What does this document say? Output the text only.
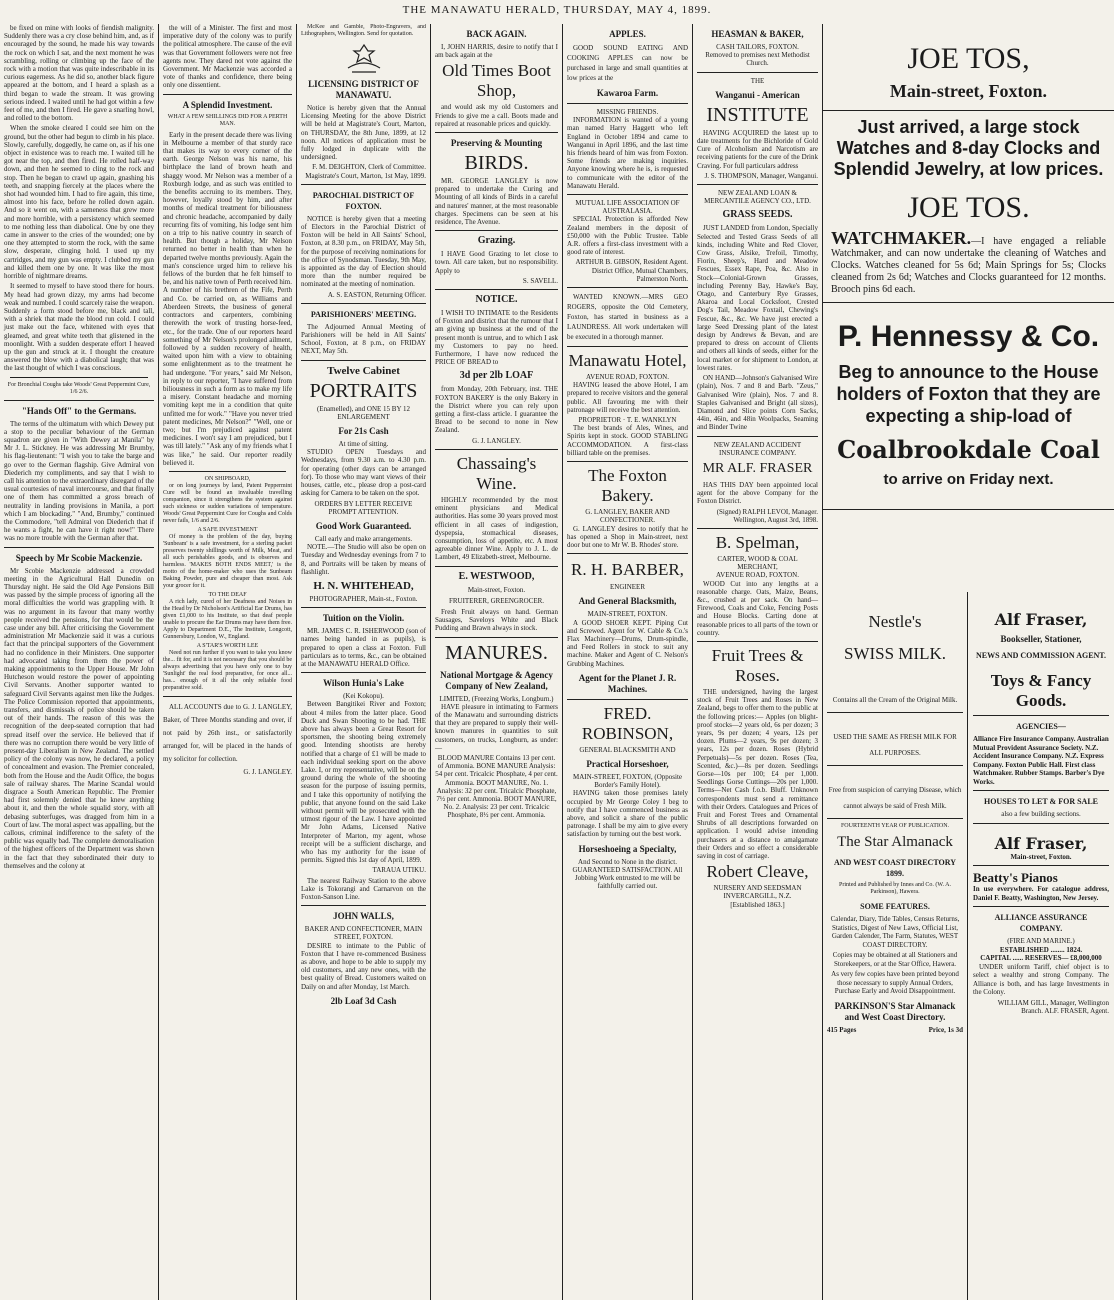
THE MANAWATU HERALD, THURSDAY, MAY 4, 1899.

be fixed on mine with looks of fiendish malignity. Suddenly there was a cry close behind him, and, as if encouraged by the sound, he made his way towards the rock on which I sat, and the next moment he was scrambling, rolling or climbing up the face of the rock with a motion that was quite indescribable in its curious eagerness. As he did so, another black figure appeared at the bottom, and I heard a splash as a third began to wade the stream. It was growing serious indeed. I waited until he had got within a few feet of me, and then I fired. He gave a snarling howl, and rolled to the bottom.

When the smoke cleared I could see him on the ground, but the other had begun to climb in his place. Slowly, carefully, doggedly, he came on, as if his one object in existence was to reach me. I waited till he got near the top, and then fired. He rolled half-way down, and then he seemed to cling to the rock and stop. Then he began to crawl up again, gnashing his teeth, and snapping fiercely at the places where the shot had wounded him. I had to fire again, this time, almost into his face, before he rolled down again. And so it went on, with a sameness that grew more and more horrible, with a persistency which seemed to me nothing less than diabolical. One by one they came in answer to the cries of the wounded; one by one they attempted to storm the rock, with the same slow, desperate, clinging hold. I used up my cartridges, and my gun was empty. I clubbed my gun and killed them one by one. It was like the most horrible of nightmare dreams.

It seemed to myself to have stood there for hours. My head had grown dizzy, my arms had become weak and numbed. I could scarcely raise the weapon. Suddenly a form stood before me, black and tall, with a shriek that made the blood run cold. I could just make out the face, whitened with eyes that gleamed, and great white teeth that glistened in the moonlight. With a sudden desperate effort I heaved up the gun and struck at it. I thought the creature answered the blow with a diabolical laugh; that was the last thought of which I was conscious.

For Bronchial Coughs take Woods' Great Peppermint Cure, 1/6 2/6.

"Hands Off" to the Germans.

The terms of the ultimatum with which Dewey put a stop to the peculiar behaviour of the German squadron are given in "With Dewey at Manila" by Mr J. L. Stickney. He was addressing Mr Brumby, his flag-lieutenant: "I wish you to take the barge and go over to the German flagship. Give Admiral von Diederich my compliments, and say that I wish to call his attention to the extraordinary disregard of the usual courtesies of naval intercourse, and that finally one of them has committed a gross breach of neutrality in landing provisions in Manila, a port which I am blockading." "And, Brumby," continued the Commodore, "tell Admiral von Diederich that if he wants a fight, he can have it right now!" There was no more trouble with the German after that.

Speech by Mr Scobie Mackenzie.

Mr Scobie Mackenzie addressed a crowded meeting in the Agricultural Hall Dunedin on Thursday night. He said the Old Age Pensions Bill was passed by the simple process of ignoring all the moral difficulties the world was grappling with. It was no argument in its favour that many worthy people received the pensions, for that would be the case under any bill. After criticising the Government administration Mr Mackenzie said it was a curious fact that the principal supporters of the Government had no confidence in their Ministers. One supporter had advocated taking from them the power of making appointments to the Upper House. Mr John Hutcheson would restore the power of appointing Civil Servants. Another supporter wanted to safeguard Civil Servants against men like the Judges. The Police Commission reported that appointments, transfers, and dismissals of police should be taken out of their hands. The reason of this was the recognition of the deep-seated corruption that had spread itself over the service. He believed that if there was no corruption there would be very little of present-day Liberalism in New Zealand. The settled policy of the colony was now, he declared, a policy of concealment and evasion. The Premier concealed, both from the House and the Audit Office, the bogus sale of railway shares. The Marine Scandal would disgrace a South American Republic. The Premier had first solemnly denied that he knew anything about it, and then the whole squalid story, with all debasing subterfuges, was dragged from him in a Court of law. The moral aspect was appalling, but the callous, criminal indifference to the safety of the public was equally bad. The complete demoralisation of the highest officers of the Department was shown in the fact that they subordinated their duty to themselves and the colony at

the will of a Minister. The first and most imperative duty of the colony was to purify the political atmosphere. The cause of the evil was that Government followers were not free agents now. They dared not vote against the Government. Mr Mackenzie was accorded a vote of thanks and confidence, there being only one dissentient.

A Splendid Investment.
WHAT A FEW SHILLINGS DID FOR A PERTH MAN.

Early in the present decade there was living in Melbourne a member of that sturdy race that makes its way to every corner of the earth. George Nelson was his name, his birthplace the land of brown heath and shaggy wood. Mr Nelson was a member of a Roxburgh lodge, and as such was entitled to the benefits accruing to its members. They, however, loyally stood by him, and after months of medical treatment for biliousness and chronic headache, accompanied by daily recurring fits of vomiting, his lodge sent him on a trip to his native country in search of health. But though a holiday, Mr Nelson returned no better in health than when he departed twelve months previously. Again the man's conscience urged him to relieve his fellows of the burden that he felt himself to be, and his native town of Perth received him. A number of his brethren of the Fife, Perth and Co. be carried on, as Williams and Aberdeen Streets, the business of general contractors and carpenters, combining therewith the work of trusting horse-feed, etc., for the trade. One of our reporters heard something of Mr Nelson's prolonged ailment, followed by a sudden recovery of health, waited upon him with a view to obtaining some enlightenment as to the treatment he had undergone. "For years," said Mr Nelson, in reply to our reporter, "I have suffered from biliousness in such a form as to make my life a misery. Constant headache and morning vomiting kept me in a condition that quite unfitted me for work." "Have you never tried patent medicines, Mr Nelson?" "Well, one or two; but I'm prejudiced against patent medicines. I won't say I am prejudiced, but I was till lately." "Ask any of my friends what I was like," he said. Our reporter readily believed it.

ON SHIPBOARD,

or on long journeys by land, Patent Peppermint Cure will be found an invaluable travelling companion, since it strengthens the system against such sickness or sudden variations of temperature. Woods' Great Peppermint Cure for Coughs and Colds never fails, 1/6 and 2/6.

A SAFE INVESTMENT

Of money is the problem of the day, buying 'Sunbeam' is a safe investment, for a sterling packet preserves twenty shillings worth of Milk, Meat, and all such perishables goods, and is observes and harmless. 'MAKES BOTH ENDS MEET,' is the motto of the home-maker who uses the Sunbeam Baking Powder, pure and cheaper than most. Ask your grocer for it.

TO THE DEAF

A rich lady, cured of her Deafness and Noises in the Head by Dr Nicholson's Artificial Ear Drums, has given £1,000 to his Institute, so that deaf people unable to procure the Ear Drums may have them free. Apply to Department D.E., The Institute, Longcott, Gunnersbury, London, W., England.

A S'TAR'S WORTH LEE

Need not run further if you want to take you know the... fit for, and it is not necessary that you should be always advertising that you have only one to buy 'Sunlight' the real food preparative, for once all... has... enough of it all the only reliable food preparative sold.

ALL ACCOUNTS due to G. J. LANGLEY, Baker, of Three Months standing and over, if not paid by 26th inst., or satisfactorily arranged for, will be placed in the hands of my solicitor for collection.

G. J. LANGLEY.

McKee and Gamble, Photo-Engravers, and Lithographers, Wellington. Send for quotation.

LICENSING DISTRICT OF MANAWATU.

Notice is hereby given that the Annual Licensing Meeting for the above District will be held at Magistrate's Court, Marton, on THURSDAY, the 8th June, 1899, at 12 noon. All notices of application must be fully lodged in duplicate with the undersigned.

F. M. DEIGHTON, Clerk of Committee. Magistrate's Court, Marton, 1st May, 1899.

PAROCHIAL DISTRICT OF FOXTON.

NOTICE is hereby given that a meeting of Electors in the Parochial District of Foxton will be held in All Saints' School, Foxton, at 8.30 p.m., on FRIDAY, May 5th, for the purpose of receiving nominations for the office of Synodsman. Tuesday, 9th May, is appointed as the day of Election should more than the number required be nominated at the meeting of nomination.

A. S. EASTON, Returning Officer.

PARISHIONERS' MEETING.

The Adjourned Annual Meeting of Parishioners will be held in All Saints' School, Foxton, at 8 p.m., on FRIDAY NEXT, May 5th.

Twelve Cabinet
PORTRAITS
(Enamelled), and ONE 15 BY 12 ENLARGEMENT
For 21s Cash
At time of sitting.

STUDIO OPEN Tuesdays and Wednesdays, from 9.30 a.m. to 4.30 p.m. for operating (other days can be arranged for). To those who may want views of their houses, cattle, etc., please drop a post-card asking for Camera to be taken on the spot.

ORDERS BY LETTER RECEIVE PROMPT ATTENTION.
Good Work Guaranteed.
Call early and make arrangements.

NOTE.—The Studio will also be open on Tuesday and Wednesday evenings from 7 to 8, and Portraits will be taken by means of flashlight.

H. N. WHITEHEAD,
PHOTOGRAPHER, Main-st., Foxton.
Tuition on the Violin.

MR. JAMES C. R. ISHERWOOD (son of names being handed in as pupils), is prepared to open a class at Foxton. Full particulars as to terms, &c., can be obtained at the MANAWATU HERALD Office.

Wilson Hunia's Lake
(Kei Kokopu).

Between Bangitikei River and Foxton; about 4 miles from the latter place. Good Duck and Swan Shooting to be had. THE above has always been a Great Resort for sportsmen, the shooting being extremely good. Intending shootists are hereby notified that a charge of £1 will be made to each individual seeking sport on the above Lake. I, or my representative, will be on the ground during the whole of the shooting season for the purpose of issuing permits, and I take this opportunity of notifying the public, that anyone found on the said Lake without permit will be prosecuted with the utmost rigour of the Law. I have appointed Mr John Adams, Licensed Native Interpreter of Marton, my agent, whose receipt will be a sufficient discharge, and who has my authority for the issue of permits. Signed this 1st day of April, 1899.

TARAUA UTIKU.

The nearest Railway Station to the above Lake is Tokorangi and Carnarvon on the Foxton-Sanson Line.

JOHN WALLS,
BAKER AND CONFECTIONER, MAIN STREET, FOXTON.

DESIRE to intimate to the Public of Foxton that I have re-commenced Business as above, and hope to be able to supply my old customers, and any new ones, with the best quality of Bread. Customers waited on Daily on and after Monday, 1st March.

2lb Loaf 3d Cash
BACK AGAIN.

I, JOHN HARRIS, desire to notify that I am back again at the

Old Times Boot Shop,

and would ask my old Customers and Friends to give me a call. Boots made and repaired at reasonable prices and quickly.

Preserving & Mounting
BIRDS.

MR. GEORGE LANGLEY is now prepared to undertake the Curing and Mounting of all kinds of Birds in a careful and natures' manner, at the most reasonable charges. Specimens can be seen at his residence, The Avenue.

Grazing.

I HAVE Good Grazing to let close to town. All care taken, but no responsibility. Apply to

S. SAVELL.

NOTICE.

I WISH TO INTIMATE to the Residents of Foxton and district that the rumour that I am giving up business at the end of the present month is untrue, and to which I ask my Customers to pay no heed. Furthermore, I have now reduced the PRICE OF BREAD to

3d per 2lb LOAF

from Monday, 20th February, inst. THE FOXTON BAKERY is the only Bakery in the District where you can rely upon getting a first-class article. I guarantee the Bread to be second to none in New Zealand.

G. J. LANGLEY.

Chassaing's Wine.

HIGHLY recommended by the most eminent physicians and Medical authorities. Has some 30 years proved most efficient in all cases of indigestion, dyspepsia, stomachical diseases, consumption, loss of appetite, etc. A most agreeable dinner Wine. Apply to J. L. de Lambert, 49 Elizabeth-street, Melbourne.

E. WESTWOOD,
Main-street, Foxton.
FRUITERER, GREENGROCER.

Fresh Fruit always on hand. German Sausages, Saveloys White and Black Pudding and Brawn always in stock.

MANURES.
National Mortgage & Agency Company of New Zealand,
LIMITED, (Freezing Works, Longburn.)

HAVE pleasure in intimating to Farmers of the Manawatu and surrounding districts that they are prepared to supply their well-known manures in quantities to suit customers, on trucks, Longburn, as under:—

BLOOD MANURE Contains 13 per cent. of Ammonia. BONE MANURE Analysis: 54 per cent. Tricalcic Phosphate, 4 per cent. Ammonia. BOOT MANURE, No. 1. Analysis: 32 per cent. Tricalcic Phosphate, 7½ per cent. Ammonia. BOOT MANURE, No. 2. Analysis: 23 per cent. Tricalcic Phosphate, 8½ per cent. Ammonia.

APPLES.

GOOD SOUND EATING AND COOKING APPLES can now be purchased in large and small quantities at low prices at the

Kawaroa Farm.
MISSING FRIENDS.

INFORMATION is wanted of a young man named Harry Haggett who left England in October 1894 and came to Wanganui in April 1896, and the last time his friends heard of him was from Foxton. Some friends are making inquiries. Anyone knowing where he is, is requested to communicate with the editor of the Manawatu Herald.

MUTUAL LIFE ASSOCIATION OF AUSTRALASIA.

SPECIAL Protection is afforded New Zealand members in the deposit of £50,000 with the Public Trustee. Table A.R. offers a first-class investment with a good rate of interest.

ARTHUR B. GIBSON, Resident Agent. District Office, Mutual Chambers, Palmerston North.

WANTED KNOWN.—MRS GEO ROGERS, opposite the Old Cemetery, Foxton, has started in business as a LAUNDRESS. All work undertaken will be executed in a thorough manner.

Manawatu Hotel,
AVENUE ROAD, FOXTON.

HAVING leased the above Hotel, I am prepared to receive visitors and the general public. All favouring me with their patronage will receive the best attention.

PROPRIETOR · T. E. WANKLYN

The best brands of Ales, Wines, and Spirits kept in stock. GOOD STABLING ACCOMMODATION. A first-class billiard table on the premises.

The Foxton Bakery.
G. LANGLEY, BAKER AND CONFECTIONER.

G. LANGLEY desires to notify that he has opened a Shop in Main-street, next door but one to Mr W. B. Rhodes' store.

R. H. BARBER,
ENGINEER
And General Blacksmith,
MAIN-STREET, FOXTON.

A GOOD SHOER KEPT. Piping Cut and Screwed. Agent for W. Cable & Co.'s Flax Machinery—Drums, Drum-spindle, and Feed Rollers in stock to suit any machine. Maker and Agent of C. Nelson's Grubbing Machines.

Agent for the Planet J. R. Machines.
FRED. ROBINSON,
GENERAL BLACKSMITH AND
Practical Horseshoer,
MAIN-STREET, FOXTON, (Opposite Border's Family Hotel).

HAVING taken those premises lately occupied by Mr George Coley I beg to notify that I have commenced business as above, and solicit a share of the public patronage. I shall be my aim to give every satisfaction by turning out the best work.

Horseshoeing a Specialty,

And Second to None in the district. GUARANTEED SATISFACTION. All Jobbing Work entrusted to me will be faithfully carried out.

HEASMAN & BAKER,
CASH TAILORS, FOXTON.

Removed to premises next Methodist Church.

THE
Wanganui - American
INSTITUTE

HAVING ACQUIRED the latest up to date treatments for the Bichloride of Gold Cure of Alcoholism and Narcotism are receiving patients for the cure of the Drink Craving. For full particulars address

J. S. THOMPSON, Manager, Wanganui.

NEW ZEALAND LOAN & MERCANTILE AGENCY CO., LTD.
GRASS SEEDS.

JUST LANDED from London, Specially Selected and Tested Grass Seeds of all kinds, including White and Red Clover, Cow Grass, Alsike, Trefoil, Timothy, Fiorin, Sheep's, Hard and Meadow Fescues, Essex Rape, Poa, &c. Also in Stock—Colonial-Grown Grasses, including Perenny Bay, Hawke's Bay, Otago, and Canterbury Rye Grasses, Akaroa and Local Cocksfoot, Crested Dog's Tail, Meadow Foxtail, Chewing's Fescue, &c., &c. We have just erected a large Seed Dressing plant of the latest design by Andrews & Bevan, and are prepared to dress on account of Clients and others all kinds of seeds, either for the local market or for shipment to London, at lowest rates.

ON HAND—Johnson's Galvanised Wire (plain), Nos. 7 and 8 and Barb. "Zeus," Galvanised Wire (plain), Nos. 7 and 8. Staples Galvanised and Bright (all sizes), Diamond and Slice points Corn Sacks, 44in, 46in, and 48in Woolpacks, Seaming and Binder Twine

NEW ZEALAND ACCIDENT INSURANCE COMPANY.
MR ALF. FRASER

HAS THIS DAY been appointed local agent for the above Company for the Foxton District.

(Signed) RALPH LEVOI, Manager. Wellington, August 3rd, 1898.

B. Spelman,
CARTER, WOOD & COAL MERCHANT,
AVENUE ROAD, FOXTON.

WOOD Cut into any lengths at a reasonable charge. Oats, Maize, Beans, &c., crushed at per sack. On hand—Firewood, Coals and Coke, Fencing Posts and House Blocks. Carting done at reasonable prices to all parts of the town or country.

Fruit Trees & Roses.

THE undersigned, having the largest stock of Fruit Trees and Roses in New Zealand, begs to offer them to the public at the following prices:— Apples (on blight-proof stocks—2 years old, 6s per dozen; 3 years, 9s per dozen; 4 years, 12s per dozen. Plums—2 years, 9s per dozen; 3 years, 12s per dozen. Roses (Hybrid Perpetuals)—5s per dozen. Roses (Tea, Scented, &c.)—8s per dozen. Seedlings Gorse—10s per 100; £4 per 1,000. Seedlings Gorse Cuttings—20s per 1,000. Terms—Net Cash f.o.b. Bluff. Unknown correspondents must send a remittance with their Orders. Catalogues and Prices of Fruit and Forest Trees and Ornamental Shrubs of all descriptions forwarded on application. I would advise intending purchasers at a distance to amalgamate their Orders and so effect a considerable saving in cost of carriage.

Robert Cleave,
NURSERY AND SEEDSMAN INVERCARGILL, N.Z.
[Established 1863.]
JOE TOS,
Main-street, Foxton.
Just arrived, a large stock Watches and 8-day Clocks and Splendid Jewelry, at low prices.
JOE TOS.
WATCHMAKER.—I have engaged a reliable Watchmaker, and can now undertake the cleaning of Watches and Clocks. Watches cleaned for 5s 6d; Main Springs for 5s; Clocks cleaned from 2s 6d; Watches and Clocks guaranteed for 12 months. Brooch pins 6d each.
P. Hennessy & Co.
Beg to announce to the House holders of Foxton that they are expecting a ship-load of
Coalbrookdale Coal
to arrive on Friday next.
Nestle's
SWISS MILK.

Contains all the Cream of the Original Milk.

USED THE SAME AS FRESH MILK FOR ALL PURPOSES.

Free from suspicion of carrying Disease, which cannot always be said of Fresh Milk.

FOURTEENTH YEAR OF PUBLICATION.
The Star Almanack
AND WEST COAST DIRECTORY 1899.
Printed and Published by Innes and Co. (W. A. Parkinson), Hawera.
SOME FEATURES.

Calendar, Diary, Tide Tables, Census Returns, Statistics, Digest of New Laws, Official List, Garden Calender, The Farm, Statutes, WEST COAST DIRECTORY.

Copies may be obtained at all Stationers and Storekeepers, or at the Star Office, Hawera.

As very few copies have been printed beyond those necessary to supply Annual Orders, Purchase Early and Avoid Disappointment.

PARKINSON'S Star Almanack and West Coast Directory.
415 Pages	Price, 1s 3d
Alf Fraser,
Bookseller, Stationer,
NEWS AND COMMISSION AGENT.
Toys & Fancy Goods.
AGENCIES—

Alliance Fire Insurance Company. Australian Mutual Provident Assurance Society. N.Z. Accident Insurance Company. N.Z. Express Company. Foxton Public Hall. First class Watchmaker. Rubber Stamps. Barber's Dye Works.

HOUSES TO LET & FOR SALE
also a few building sections.
Alf Fraser,
Main-street, Foxton.
Beatty's Pianos

In use everywhere. For catalogue address, Daniel F. Beatty, Washington, New Jersey.

ALLIANCE ASSURANCE COMPANY.
(FIRE AND MARINE.)
ESTABLISHED ........ 1824.
CAPITAL ...... RESERVES— £8,000,000

UNDER uniform Tariff, chief object is to select a wealthy and strong Company. The Alliance is both, and has large Investments in the Colony.

WILLIAM GILL, Manager, Wellington Branch. ALF. FRASER, Agent.
